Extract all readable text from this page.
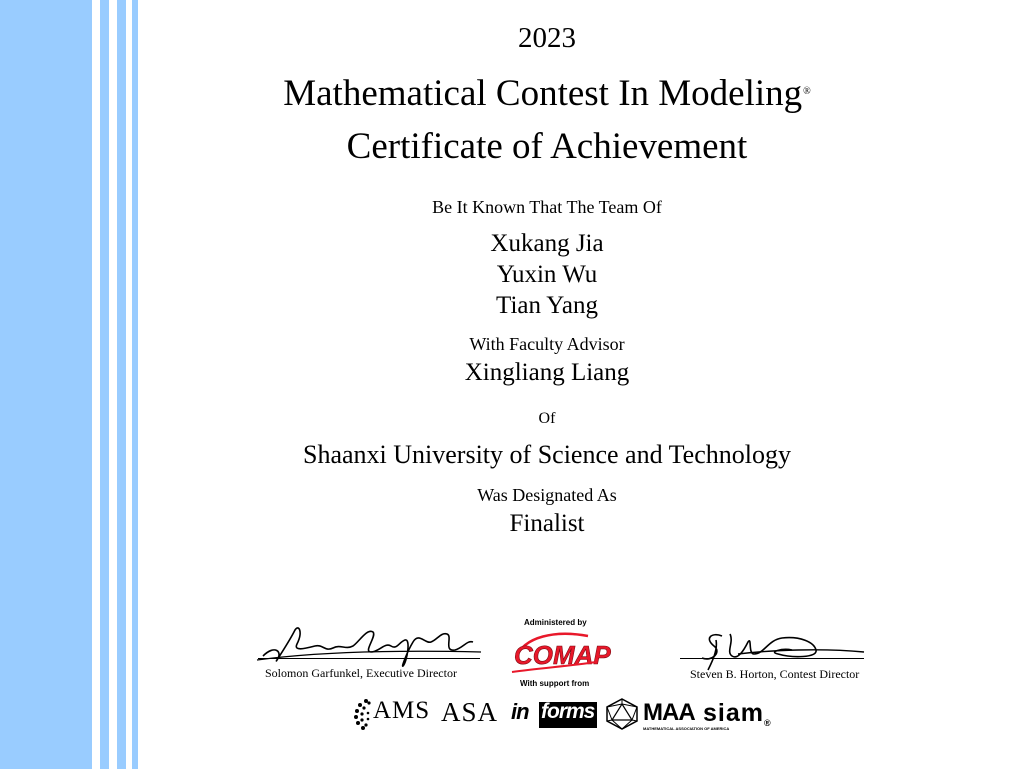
2023
Mathematical Contest In Modeling®
Certificate of Achievement
Be It Known That The Team Of
Xukang Jia
Yuxin Wu
Tian Yang
With Faculty Advisor
Xingliang Liang
Of
Shaanxi University of Science and Technology
Was Designated As
Finalist
Solomon Garfunkel, Executive Director	Steven B. Horton, Contest Director
Administered by
COMAP
With support from
AMS ASA in forms MAA
MATHEMATICAL ASSOCIATION OF AMERICA
siam®
